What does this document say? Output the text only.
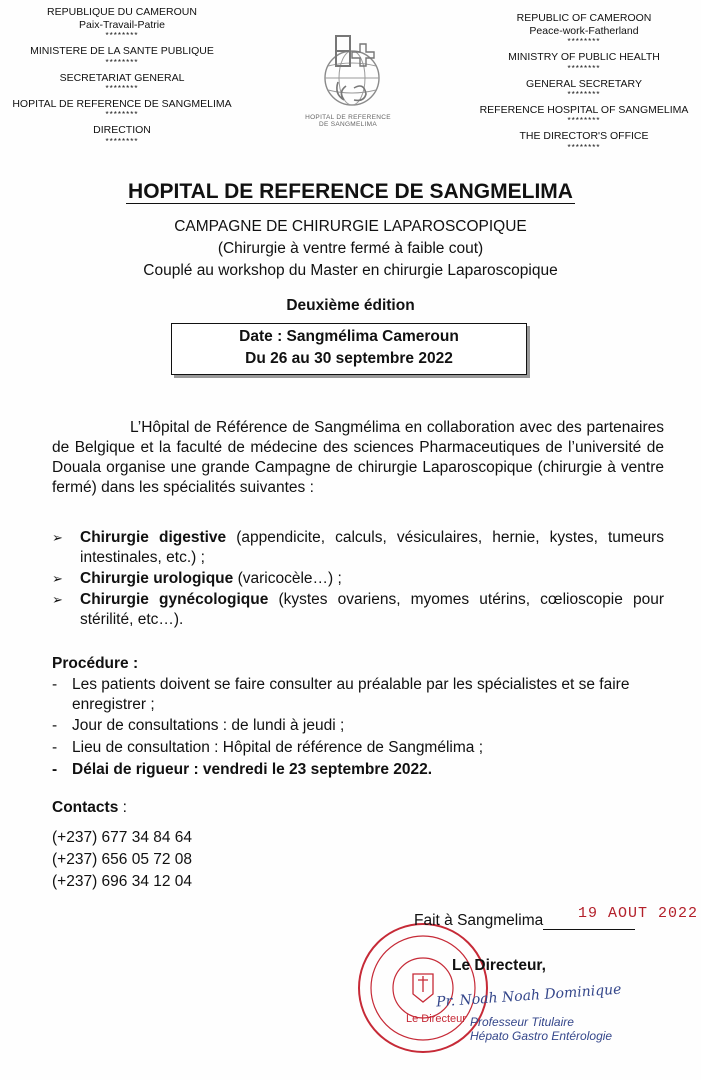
REPUBLIQUE DU CAMEROUN
Paix-Travail-Patrie
********
MINISTERE DE LA SANTE PUBLIQUE
********
SECRETARIAT GENERAL
********
HOPITAL DE REFERENCE DE SANGMELIMA
********
DIRECTION
********
HOPITAL DE REFERENCE
DE SANGMELIMA
REPUBLIC OF CAMEROON
Peace-work-Fatherland
********
MINISTRY OF PUBLIC HEALTH
********
GENERAL SECRETARY
********
REFERENCE HOSPITAL OF SANGMELIMA
********
THE DIRECTOR'S OFFICE
********
HOPITAL DE REFERENCE DE SANGMELIMA
CAMPAGNE DE CHIRURGIE LAPAROSCOPIQUE
(Chirurgie à ventre fermé à faible cout)
Couplé au workshop du Master en chirurgie Laparoscopique
Deuxième édition
Date : Sangmélima Cameroun
Du 26 au 30 septembre 2022
L’Hôpital de Référence de Sangmélima en collaboration avec des partenaires de Belgique et la faculté de médecine des sciences Pharmaceutiques de l’université de Douala organise une grande Campagne de chirurgie Laparoscopique (chirurgie à ventre fermé) dans les spécialités suivantes :
➢	Chirurgie digestive (appendicite, calculs, vésiculaires, hernie, kystes, tumeurs intestinales, etc.) ;
➢	Chirurgie urologique (varicocèle…) ;
➢	Chirurgie gynécologique (kystes ovariens, myomes utérins, cœlioscopie pour stérilité, etc…).
Procédure :
- Les patients doivent se faire consulter au préalable par les spécialistes et se faire enregistrer ;
- Jour de consultations : de lundi à jeudi ;
- Lieu de consultation : Hôpital de référence de Sangmélima ;
- Délai de rigueur : vendredi le 23 septembre 2022.
Contacts :
(+237) 677 34 84 64
(+237) 656 05 72 08
(+237) 696 34 12 04
Le Directeur
Fait à Sangmelima	19 AOUT 2022
Le Directeur,
Pr. Noah Noah Dominique
Professeur Titulaire
Hépato Gastro Entérologie
